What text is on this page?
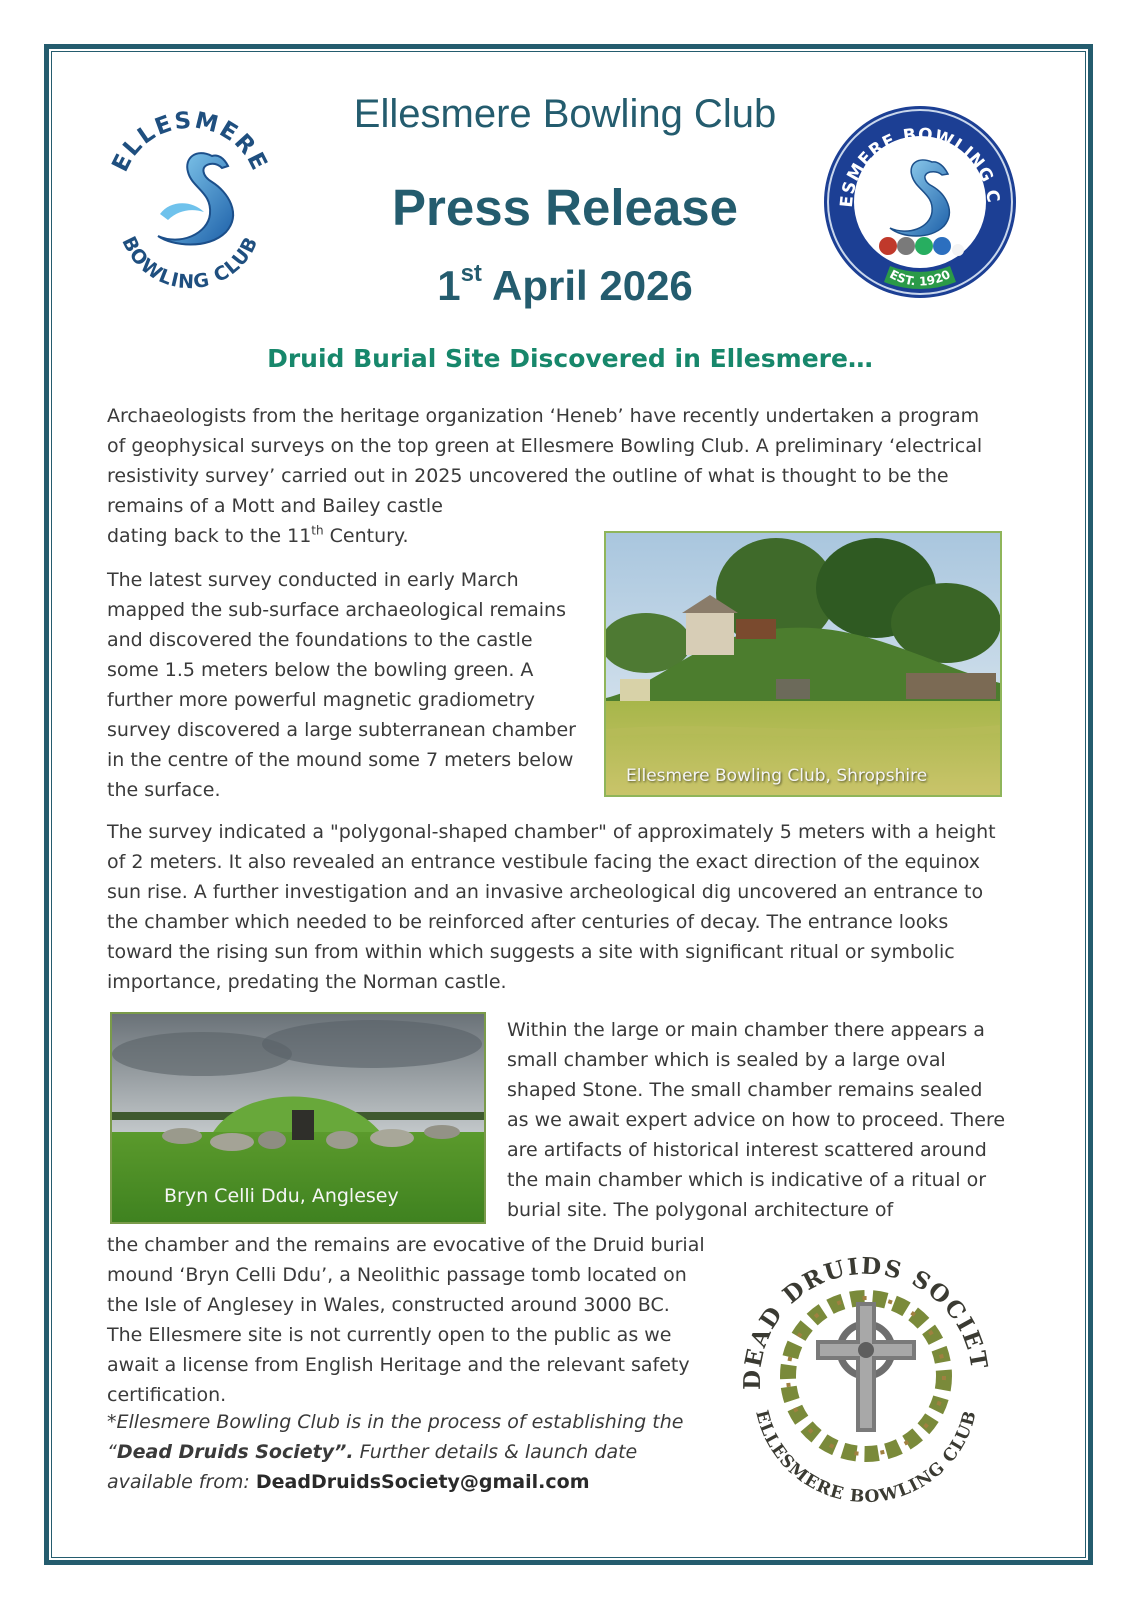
ELLESMERE
BOWLING CLUB
Ellesmere Bowling Club
Press Release
1st April 2026
ESMERE BOWLING C
EST. 1920
Druid Burial Site Discovered in Ellesmere…
Archaeologists from the heritage organization ‘Heneb’ have recently undertaken a program of geophysical surveys on the top green at Ellesmere Bowling Club. A preliminary ‘electrical resistivity survey’ carried out in 2025 uncovered the outline of what is thought to be the remains of a Mott and Bailey castle
dating back to the 11th Century.
The latest survey conducted in early March mapped the sub-surface archaeological remains and discovered the foundations to the castle some 1.5 meters below the bowling green. A further more powerful magnetic gradiometry survey discovered a large subterranean chamber in the centre of the mound some 7 meters below the surface.
Ellesmere Bowling Club, Shropshire
The survey indicated a "polygonal-shaped chamber" of approximately 5 meters with a height of 2 meters. It also revealed an entrance vestibule facing the exact direction of the equinox sun rise. A further investigation and an invasive archeological dig uncovered an entrance to the chamber which needed to be reinforced after centuries of decay. The entrance looks toward the rising sun from within which suggests a site with significant ritual or symbolic importance, predating the Norman castle.
Bryn Celli Ddu, Anglesey
Within the large or main chamber there appears a small chamber which is sealed by a large oval shaped Stone. The small chamber remains sealed as we await expert advice on how to proceed. There are artifacts of historical interest scattered around the main chamber which is indicative of a ritual or burial site. The polygonal architecture of
the chamber and the remains are evocative of the Druid burial mound ‘Bryn Celli Ddu’, a Neolithic passage tomb located on the Isle of Anglesey in Wales, constructed around 3000 BC. The Ellesmere site is not currently open to the public as we await a license from English Heritage and the relevant safety certification.
*Ellesmere Bowling Club is in the process of establishing the “Dead Druids Society”. Further details & launch date available from: DeadDruidsSociety@gmail.com
DEAD DRUIDS SOCIET
ELLESMERE BOWLING CLUB
